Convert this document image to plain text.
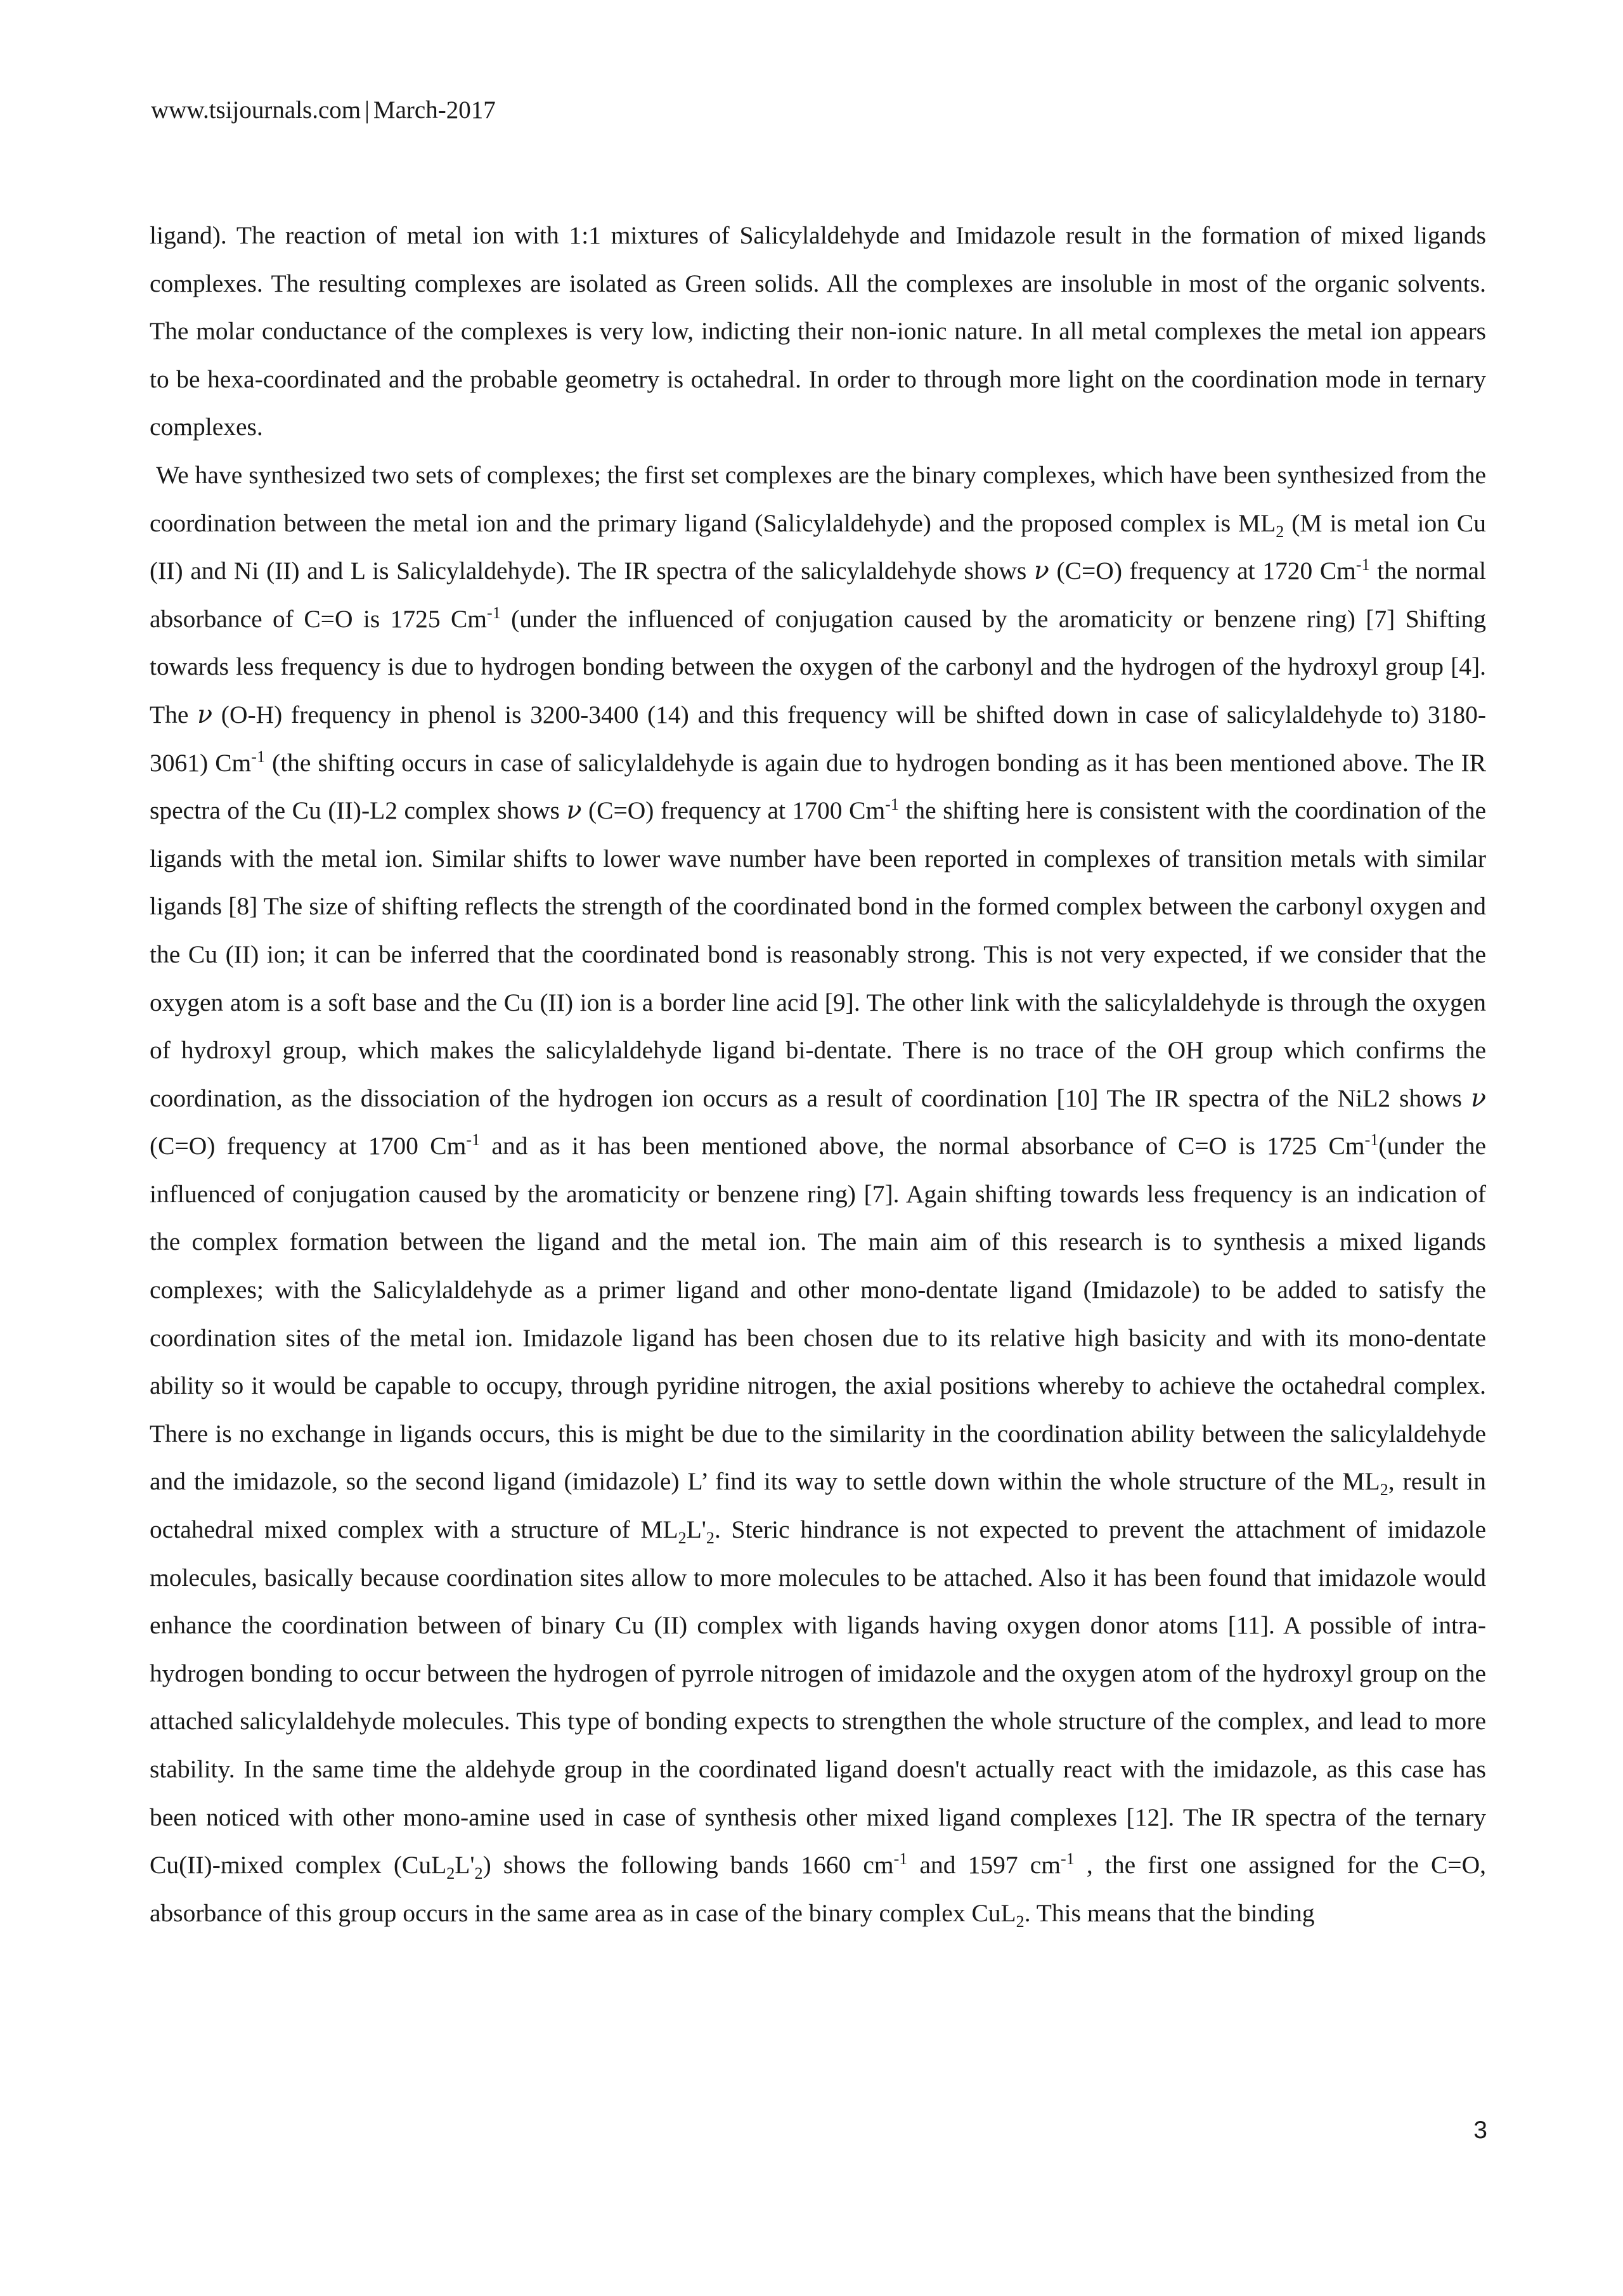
www.tsijournals.com | March-2017

ligand). The reaction of metal ion with 1:1 mixtures of Salicylaldehyde and Imidazole result in the formation of mixed ligands complexes. The resulting complexes are isolated as Green solids. All the complexes are insoluble in most of the organic solvents. The molar conductance of the complexes is very low, indicting their non-ionic nature. In all metal complexes the metal ion appears to be hexa-coordinated and the probable geometry is octahedral. In order to through more light on the coordination mode in ternary complexes.

We have synthesized two sets of complexes; the first set complexes are the binary complexes, which have been synthesized from the coordination between the metal ion and the primary ligand (Salicylaldehyde) and the proposed complex is $ML_2$ (M is metal ion Cu (II) and Ni (II) and L is Salicylaldehyde). The IR spectra of the salicylaldehyde shows ν (C=O) frequency at 1720 $Cm^{-1}$ the normal absorbance of C=O is 1725 $Cm^{-1}$ (under the influenced of conjugation caused by the aromaticity or benzene ring) [7] Shifting towards less frequency is due to hydrogen bonding between the oxygen of the carbonyl and the hydrogen of the hydroxyl group [4]. The ν (O-H) frequency in phenol is 3200-3400 (14) and this frequency will be shifted down in case of salicylaldehyde to) 3180-3061) $Cm^{-1}$ (the shifting occurs in case of salicylaldehyde is again due to hydrogen bonding as it has been mentioned above. The IR spectra of the Cu (II)-L2 complex shows ν (C=O) frequency at 1700 $Cm^{-1}$ the shifting here is consistent with the coordination of the ligands with the metal ion. Similar shifts to lower wave number have been reported in complexes of transition metals with similar ligands [8] The size of shifting reflects the strength of the coordinated bond in the formed complex between the carbonyl oxygen and the Cu (II) ion; it can be inferred that the coordinated bond is reasonably strong. This is not very expected, if we consider that the oxygen atom is a soft base and the Cu (II) ion is a border line acid [9]. The other link with the salicylaldehyde is through the oxygen of hydroxyl group, which makes the salicylaldehyde ligand bi-dentate. There is no trace of the OH group which confirms the coordination, as the dissociation of the hydrogen ion occurs as a result of coordination [10] The IR spectra of the NiL2 shows ν (C=O) frequency at 1700 $Cm^{-1}$ and as it has been mentioned above, the normal absorbance of C=O is 1725 $Cm^{-1}(under$ the influenced of conjugation caused by the aromaticity or benzene ring) [7]. Again shifting towards less frequency is an indication of the complex formation between the ligand and the metal ion. The main aim of this research is to synthesis a mixed ligands complexes; with the Salicylaldehyde as a primer ligand and other mono-dentate ligand (Imidazole) to be added to satisfy the coordination sites of the metal ion. Imidazole ligand has been chosen due to its relative high basicity and with its mono-dentate ability so it would be capable to occupy, through pyridine nitrogen, the axial positions whereby to achieve the octahedral complex. There is no exchange in ligands occurs, this is might be due to the similarity in the coordination ability between the salicylaldehyde and the imidazole, so the second ligand (imidazole) L’ find its way to settle down within the whole structure of the $ML_2$, result in octahedral mixed complex with a structure of $ML_2L'_2$. Steric hindrance is not expected to prevent the attachment of imidazole molecules, basically because coordination sites allow to more molecules to be attached. Also it has been found that imidazole would enhance the coordination between of binary Cu (II) complex with ligands having oxygen donor atoms [11]. A possible of intra-hydrogen bonding to occur between the hydrogen of pyrrole nitrogen of imidazole and the oxygen atom of the hydroxyl group on the attached salicylaldehyde molecules. This type of bonding expects to strengthen the whole structure of the complex, and lead to more stability. In the same time the aldehyde group in the coordinated ligand doesn't actually react with the imidazole, as this case has been noticed with other mono-amine used in case of synthesis other mixed ligand complexes [12]. The IR spectra of the ternary Cu(II)-mixed complex $(CuL_2L'_2)$ shows the following bands 1660 $cm^{-1}$ and 1597 $cm^{-1}$ , the first one assigned for the C=O, absorbance of this group occurs in the same area as in case of the binary complex CuL$_2$. This means that the binding

3
